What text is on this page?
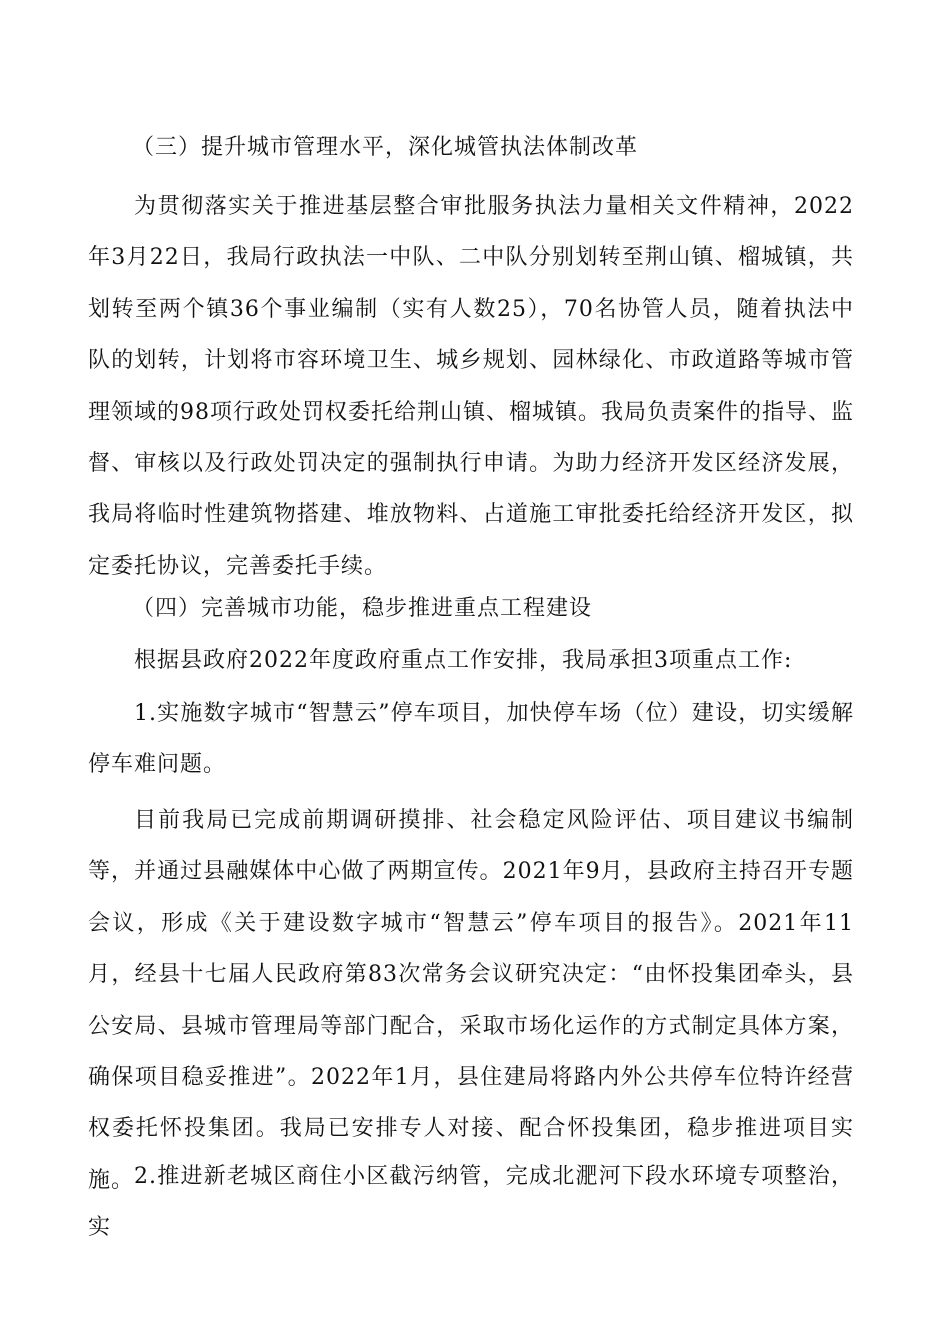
（三）提升城市管理水平，深化城管执法体制改革

为贯彻落实关于推进基层整合审批服务执法力量相关文件精神，2022年3月22日，我局行政执法一中队、二中队分别划转至荆山镇、榴城镇，共划转至两个镇36个事业编制（实有人数25），70名协管人员，随着执法中队的划转，计划将市容环境卫生、城乡规划、园林绿化、市政道路等城市管理领域的98项行政处罚权委托给荆山镇、榴城镇。我局负责案件的指导、监督、审核以及行政处罚决定的强制执行申请。为助力经济开发区经济发展，我局将临时性建筑物搭建、堆放物料、占道施工审批委托给经济开发区，拟定委托协议，完善委托手续。

（四）完善城市功能，稳步推进重点工程建设

根据县政府2022年度政府重点工作安排，我局承担3项重点工作:

1.实施数字城市“智慧云”停车项目，加快停车场（位）建设，切实缓解停车难问题。

目前我局已完成前期调研摸排、社会稳定风险评估、项目建议书编制等，并通过县融媒体中心做了两期宣传。2021年9月，县政府主持召开专题会议，形成《关于建设数字城市“智慧云”停车项目的报告》。2021年11月，经县十七届人民政府第83次常务会议研究决定：“由怀投集团牵头，县公安局、县城市管理局等部门配合，采取市场化运作的方式制定具体方案，确保项目稳妥推进”。2022年1月，县住建局将路内外公共停车位特许经营权委托怀投集团。我局已安排专人对接、配合怀投集团，稳步推进项目实施。 2.推进新老城区商住小区截污纳管，完成北淝河下段水环境专项整治，实
